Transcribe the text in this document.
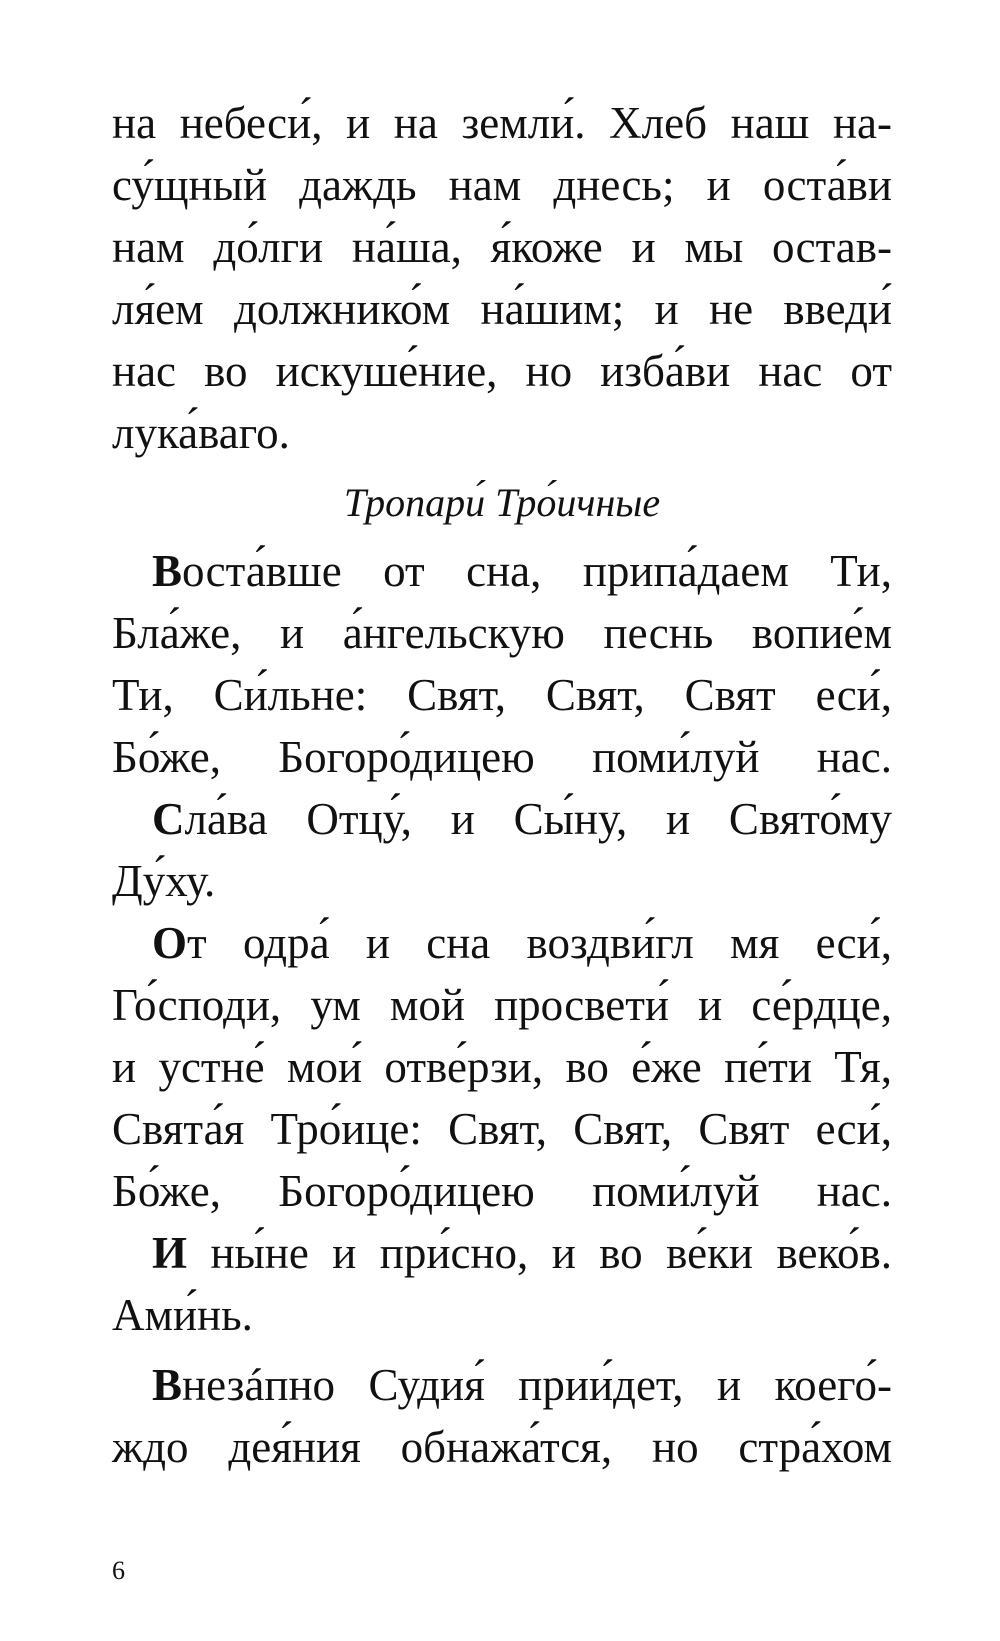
на небеси́, и на земли́. Хлеб наш на-
су́щный даждь нам днесь; и оста́ви
нам до́лги на́ша, я́коже и мы остав-
ля́ем должнико́м на́шим; и не введи́
нас во искуше́ние, но изба́ви нас от
лука́ваго.
Тропари́ Тро́ичные
Воста́вше от сна, припа́даем Ти,
Бла́же, и а́нгельскую песнь вопие́м
Ти, Си́льне: Свят, Свят, Свят еси́,
Бо́же, Богоро́дицею поми́луй нас.
Сла́ва Отцу́, и Сы́ну, и Свято́му
Ду́ху.
От одра́ и сна воздви́гл мя еси́,
Го́споди, ум мой просвети́ и се́рдце,
и устне́ мои́ отве́рзи, во е́же пе́ти Тя,
Свята́я Тро́ице: Свят, Свят, Свят еси́,
Бо́же, Богоро́дицею поми́луй нас.
И ны́не и при́сно, и во ве́ки веко́в.
Ами́нь.
Внезáпно Судия́ прии́дет, и коего́-
ждо дея́ния обнажа́тся, но стра́хом
6
